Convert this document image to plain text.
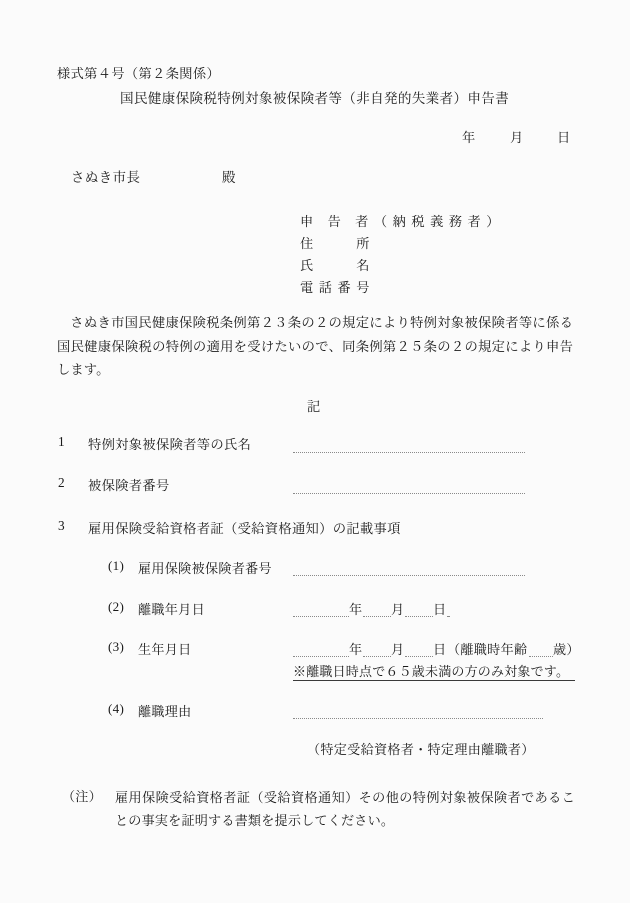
様式第４号（第２条関係）
国民健康保険税特例対象被保険者等（非自発的失業者）申告書
年	月	日
さぬき市長	殿
申 告 者（納税義務者）
住　　所
氏　　名
電話番号
さぬき市国民健康保険税条例第２３条の２の規定により特例対象被保険者等に係る国民健康保険税の特例の適用を受けたいので、同条例第２５条の２の規定により申告します。
記
1 特例対象被保険者等の氏名
2 被保険者番号
3 雇用保険受給資格者証（受給資格通知）の記載事項
(1) 雇用保険被保険者番号
(2) 離職年月日	年 月 日
(3) 生年月日	年 月 日 （離職時年齢 歳）
※離職日時点で６５歳未満の方のみ対象です。
(4) 離職理由
（特定受給資格者・特定理由離職者）
（注） 雇用保険受給資格者証（受給資格通知）その他の特例対象被保険者であることの事実を証明する書類を提示してください。
